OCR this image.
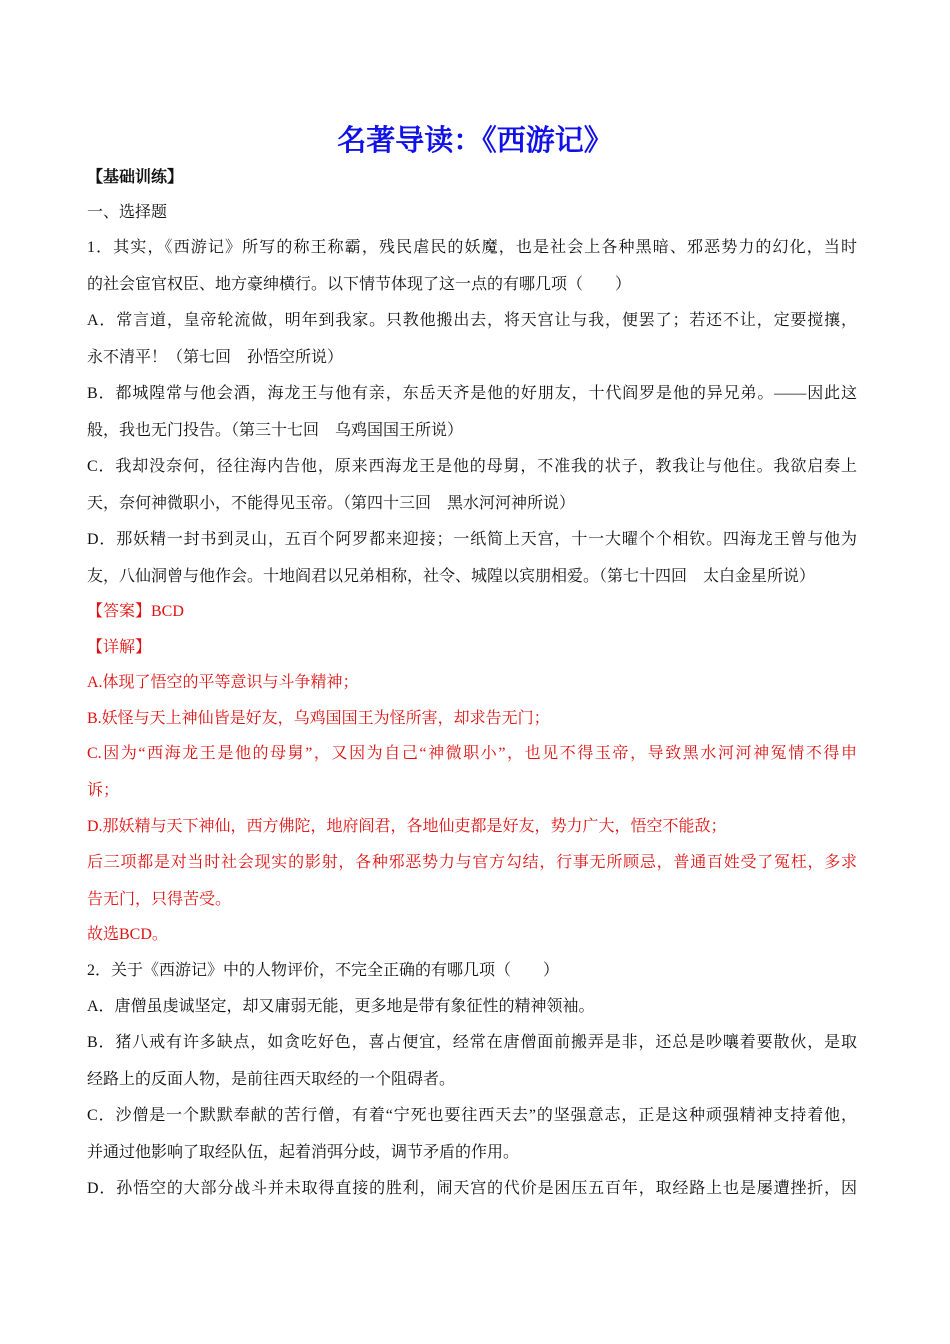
名著导读：《西游记》
【基础训练】
一、选择题
1．其实，《西游记》所写的称王称霸，残民虐民的妖魔，也是社会上各种黑暗、邪恶势力的幻化，当时
的社会宦官权臣、地方豪绅横行。以下情节体现了这一点的有哪几项（　　）
A．常言道，皇帝轮流做，明年到我家。只教他搬出去，将天宫让与我，便罢了；若还不让，定要搅攘，
永不清平！（第七回　孙悟空所说）
B．都城隍常与他会酒，海龙王与他有亲，东岳天齐是他的好朋友，十代阎罗是他的异兄弟。——因此这
般，我也无门投告。（第三十七回　乌鸡国国王所说）
C．我却没奈何，径往海内告他，原来西海龙王是他的母舅，不准我的状子，教我让与他住。我欲启奏上
天，奈何神微职小，不能得见玉帝。（第四十三回　黑水河河神所说）
D．那妖精一封书到灵山，五百个阿罗都来迎接；一纸简上天宫，十一大曜个个相钦。四海龙王曾与他为
友，八仙洞曾与他作会。十地阎君以兄弟相称，社令、城隍以宾朋相爱。（第七十四回　太白金星所说）
【答案】BCD
【详解】
A.体现了悟空的平等意识与斗争精神；
B.妖怪与天上神仙皆是好友，乌鸡国国王为怪所害，却求告无门；
C.因为“西海龙王是他的母舅”，又因为自己“神微职小”，也见不得玉帝，导致黑水河河神冤情不得申
诉；
D.那妖精与天下神仙，西方佛陀，地府阎君，各地仙吏都是好友，势力广大，悟空不能敌；
后三项都是对当时社会现实的影射，各种邪恶势力与官方勾结，行事无所顾忌，普通百姓受了冤枉，多求
告无门，只得苦受。
故选BCD。
2．关于《西游记》中的人物评价，不完全正确的有哪几项（　　）
A．唐僧虽虔诚坚定，却又庸弱无能，更多地是带有象征性的精神领袖。
B．猪八戒有许多缺点，如贪吃好色，喜占便宜，经常在唐僧面前搬弄是非，还总是吵嚷着要散伙，是取
经路上的反面人物，是前往西天取经的一个阻碍者。
C．沙僧是一个默默奉献的苦行僧，有着“宁死也要往西天去”的坚强意志，正是这种顽强精神支持着他，
并通过他影响了取经队伍，起着消弭分歧，调节矛盾的作用。
D．孙悟空的大部分战斗并未取得直接的胜利，闹天宫的代价是困压五百年，取经路上也是屡遭挫折，因
